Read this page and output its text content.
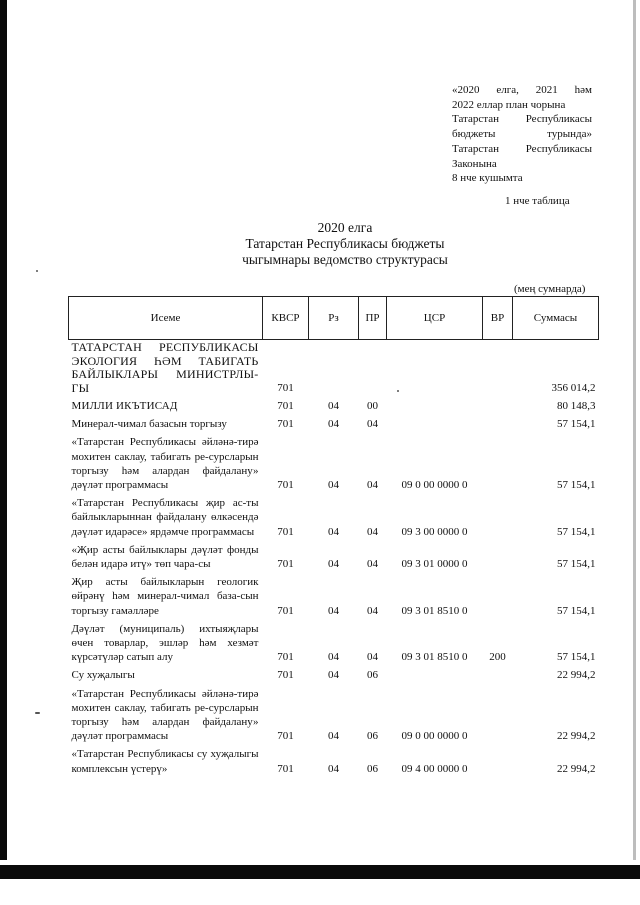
«2020 елга, 2021 һәм
2022 еллар план чорына
Татарстан Республикасы
бюджеты	турында»
Татарстан Республикасы
Законына
8 нче кушымта
1 нче таблица
2020 елга
Татарстан Республикасы бюджеты
чыгымнары ведомство структурасы
(мең сумнарда)
Исеме	КВСР	Рз	ПР	ЦСР	ВР	Суммасы
ТАТАРСТАН РЕСПУБЛИКАСЫ ЭКОЛОГИЯ ҺӘМ ТАБИГАТЬ БАЙЛЫКЛАРЫ МИНИСТРЛЫ-ГЫ	701					356 014,2
МИЛЛИ ИКЪТИСАД	701	04	00			80 148,3
Минерал-чимал базасын торгызу	701	04	04			57 154,1
«Татарстан Республикасы әйләнә-тирә мохитен саклау, табигать ре-сурсларын торгызу һәм алардан файдалану» дәүләт программасы	701	04	04	09 0 00 0000 0		57 154,1
«Татарстан Республикасы җир ас-ты байлыкларыннан файдалану өлкәсендә дәүләт идарәсе» ярдәмче программасы	701	04	04	09 3 00 0000 0		57 154,1
«Җир асты байлыклары дәүләт фонды белән идарә итү» төп чара-сы	701	04	04	09 3 01 0000 0		57 154,1
Җир асты байлыкларын геологик өйрәнү һәм минерал-чимал база-сын торгызу гамәлләре	701	04	04	09 3 01 8510 0		57 154,1
Дәүләт (муниципаль) ихтыяҗлары өчен товарлар, эшләр һәм хезмәт күрсәтүләр сатып алу	701	04	04	09 3 01 8510 0	200	57 154,1
Су хуҗалыгы	701	04	06			22 994,2
«Татарстан Республикасы әйләнә-тирә мохитен саклау, табигать ре-сурсларын торгызу һәм алардан файдалану» дәүләт программасы	701	04	06	09 0 00 0000 0		22 994,2
«Татарстан Республикасы су хуҗалыгы комплексын үстерү»	701	04	06	09 4 00 0000 0		22 994,2
